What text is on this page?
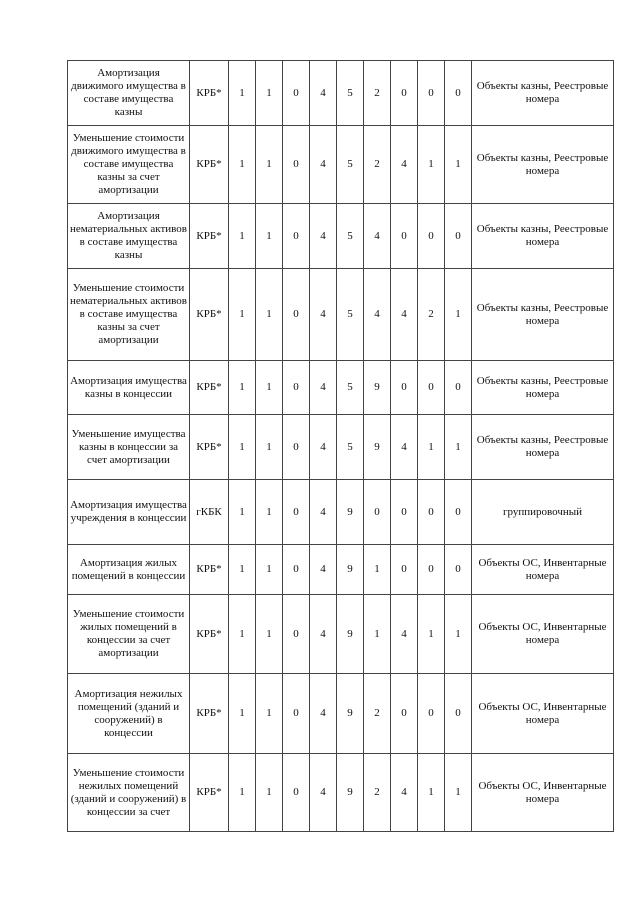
Амортизация движимого имущества в составе имущества казны	КРБ*	1	1	0	4	5	2	0	0	0	Объекты казны, Реестровые номера
Уменьшение стоимости движимого имущества в составе имущества казны за счет амортизации	КРБ*	1	1	0	4	5	2	4	1	1	Объекты казны, Реестровые номера
Амортизация нематериальных активов в составе имущества казны	КРБ*	1	1	0	4	5	4	0	0	0	Объекты казны, Реестровые номера
Уменьшение стоимости нематериальных активов в составе имущества казны за счет амортизации	КРБ*	1	1	0	4	5	4	4	2	1	Объекты казны, Реестровые номера
Амортизация имущества казны в концессии	КРБ*	1	1	0	4	5	9	0	0	0	Объекты казны, Реестровые номера
Уменьшение имущества казны в концессии за счет амортизации	КРБ*	1	1	0	4	5	9	4	1	1	Объекты казны, Реестровые номера
Амортизация имущества учреждения в концессии	гКБК	1	1	0	4	9	0	0	0	0	группировочный
Амортизация жилых помещений в концессии	КРБ*	1	1	0	4	9	1	0	0	0	Объекты ОС, Инвентарные номера
Уменьшение стоимости жилых помещений в концессии за счет амортизации	КРБ*	1	1	0	4	9	1	4	1	1	Объекты ОС, Инвентарные номера
Амортизация нежилых помещений (зданий и сооружений) в концессии	КРБ*	1	1	0	4	9	2	0	0	0	Объекты ОС, Инвентарные номера
Уменьшение стоимости нежилых помещений (зданий и сооружений) в концессии за счет	КРБ*	1	1	0	4	9	2	4	1	1	Объекты ОС, Инвентарные номера
